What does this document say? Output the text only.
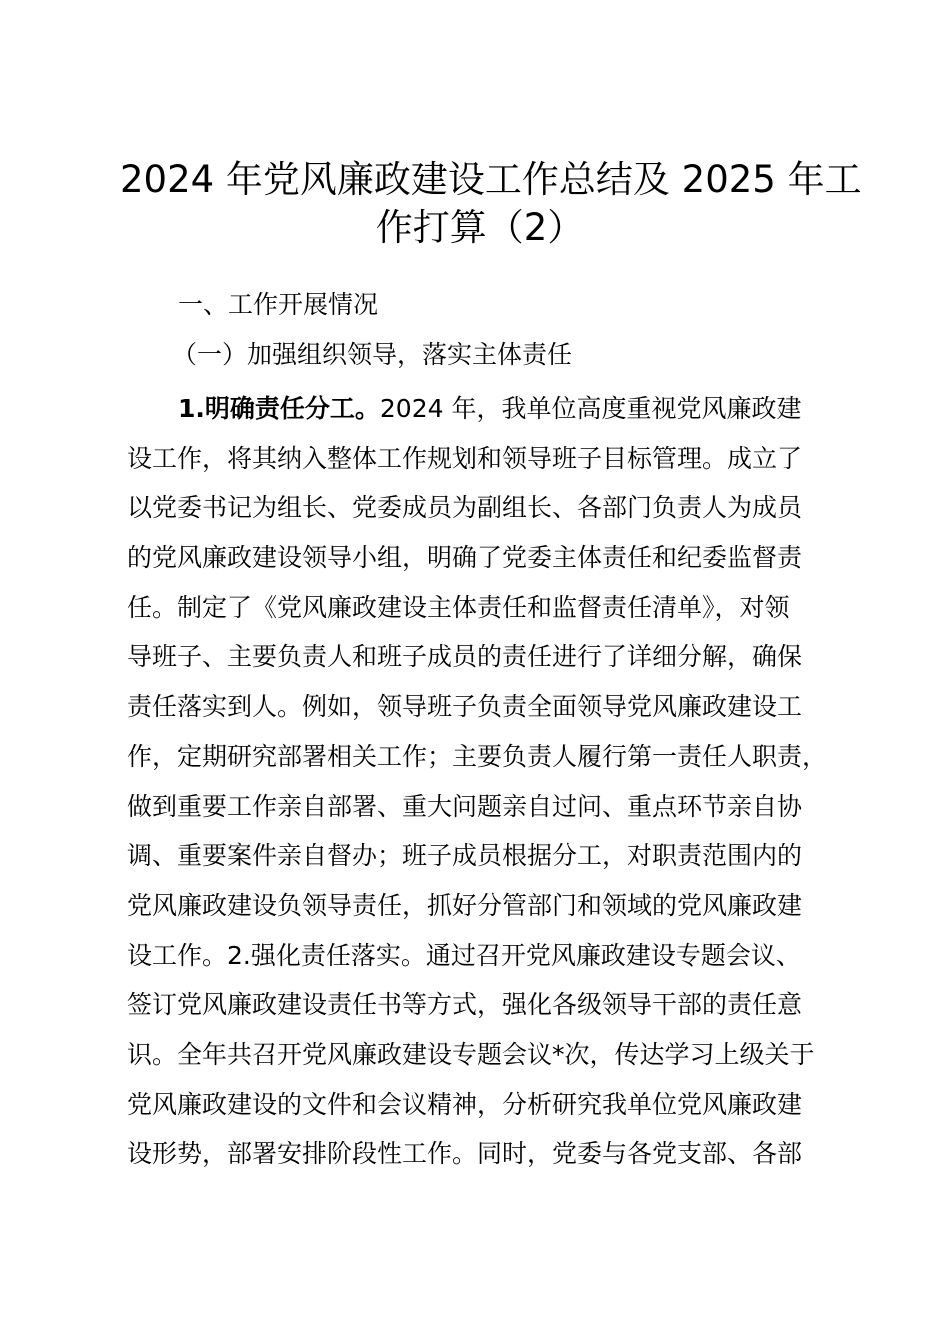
2024 年党风廉政建设工作总结及 2025 年工
作打算（2）

一、工作开展情况

（一）加强组织领导，落实主体责任

1.明确责任分工。2024 年，我单位高度重视党风廉政建
设工作，将其纳入整体工作规划和领导班子目标管理。成立了
以党委书记为组长、党委成员为副组长、各部门负责人为成员
的党风廉政建设领导小组，明确了党委主体责任和纪委监督责
任。制定了《党风廉政建设主体责任和监督责任清单》，对领
导班子、主要负责人和班子成员的责任进行了详细分解，确保
责任落实到人。例如，领导班子负责全面领导党风廉政建设工
作，定期研究部署相关工作；主要负责人履行第一责任人职责，
做到重要工作亲自部署、重大问题亲自过问、重点环节亲自协
调、重要案件亲自督办；班子成员根据分工，对职责范围内的
党风廉政建设负领导责任，抓好分管部门和领域的党风廉政建
设工作。2.强化责任落实。通过召开党风廉政建设专题会议、
签订党风廉政建设责任书等方式，强化各级领导干部的责任意
识。全年共召开党风廉政建设专题会议*次，传达学习上级关于
党风廉政建设的文件和会议精神，分析研究我单位党风廉政建
设形势，部署安排阶段性工作。同时，党委与各党支部、各部
